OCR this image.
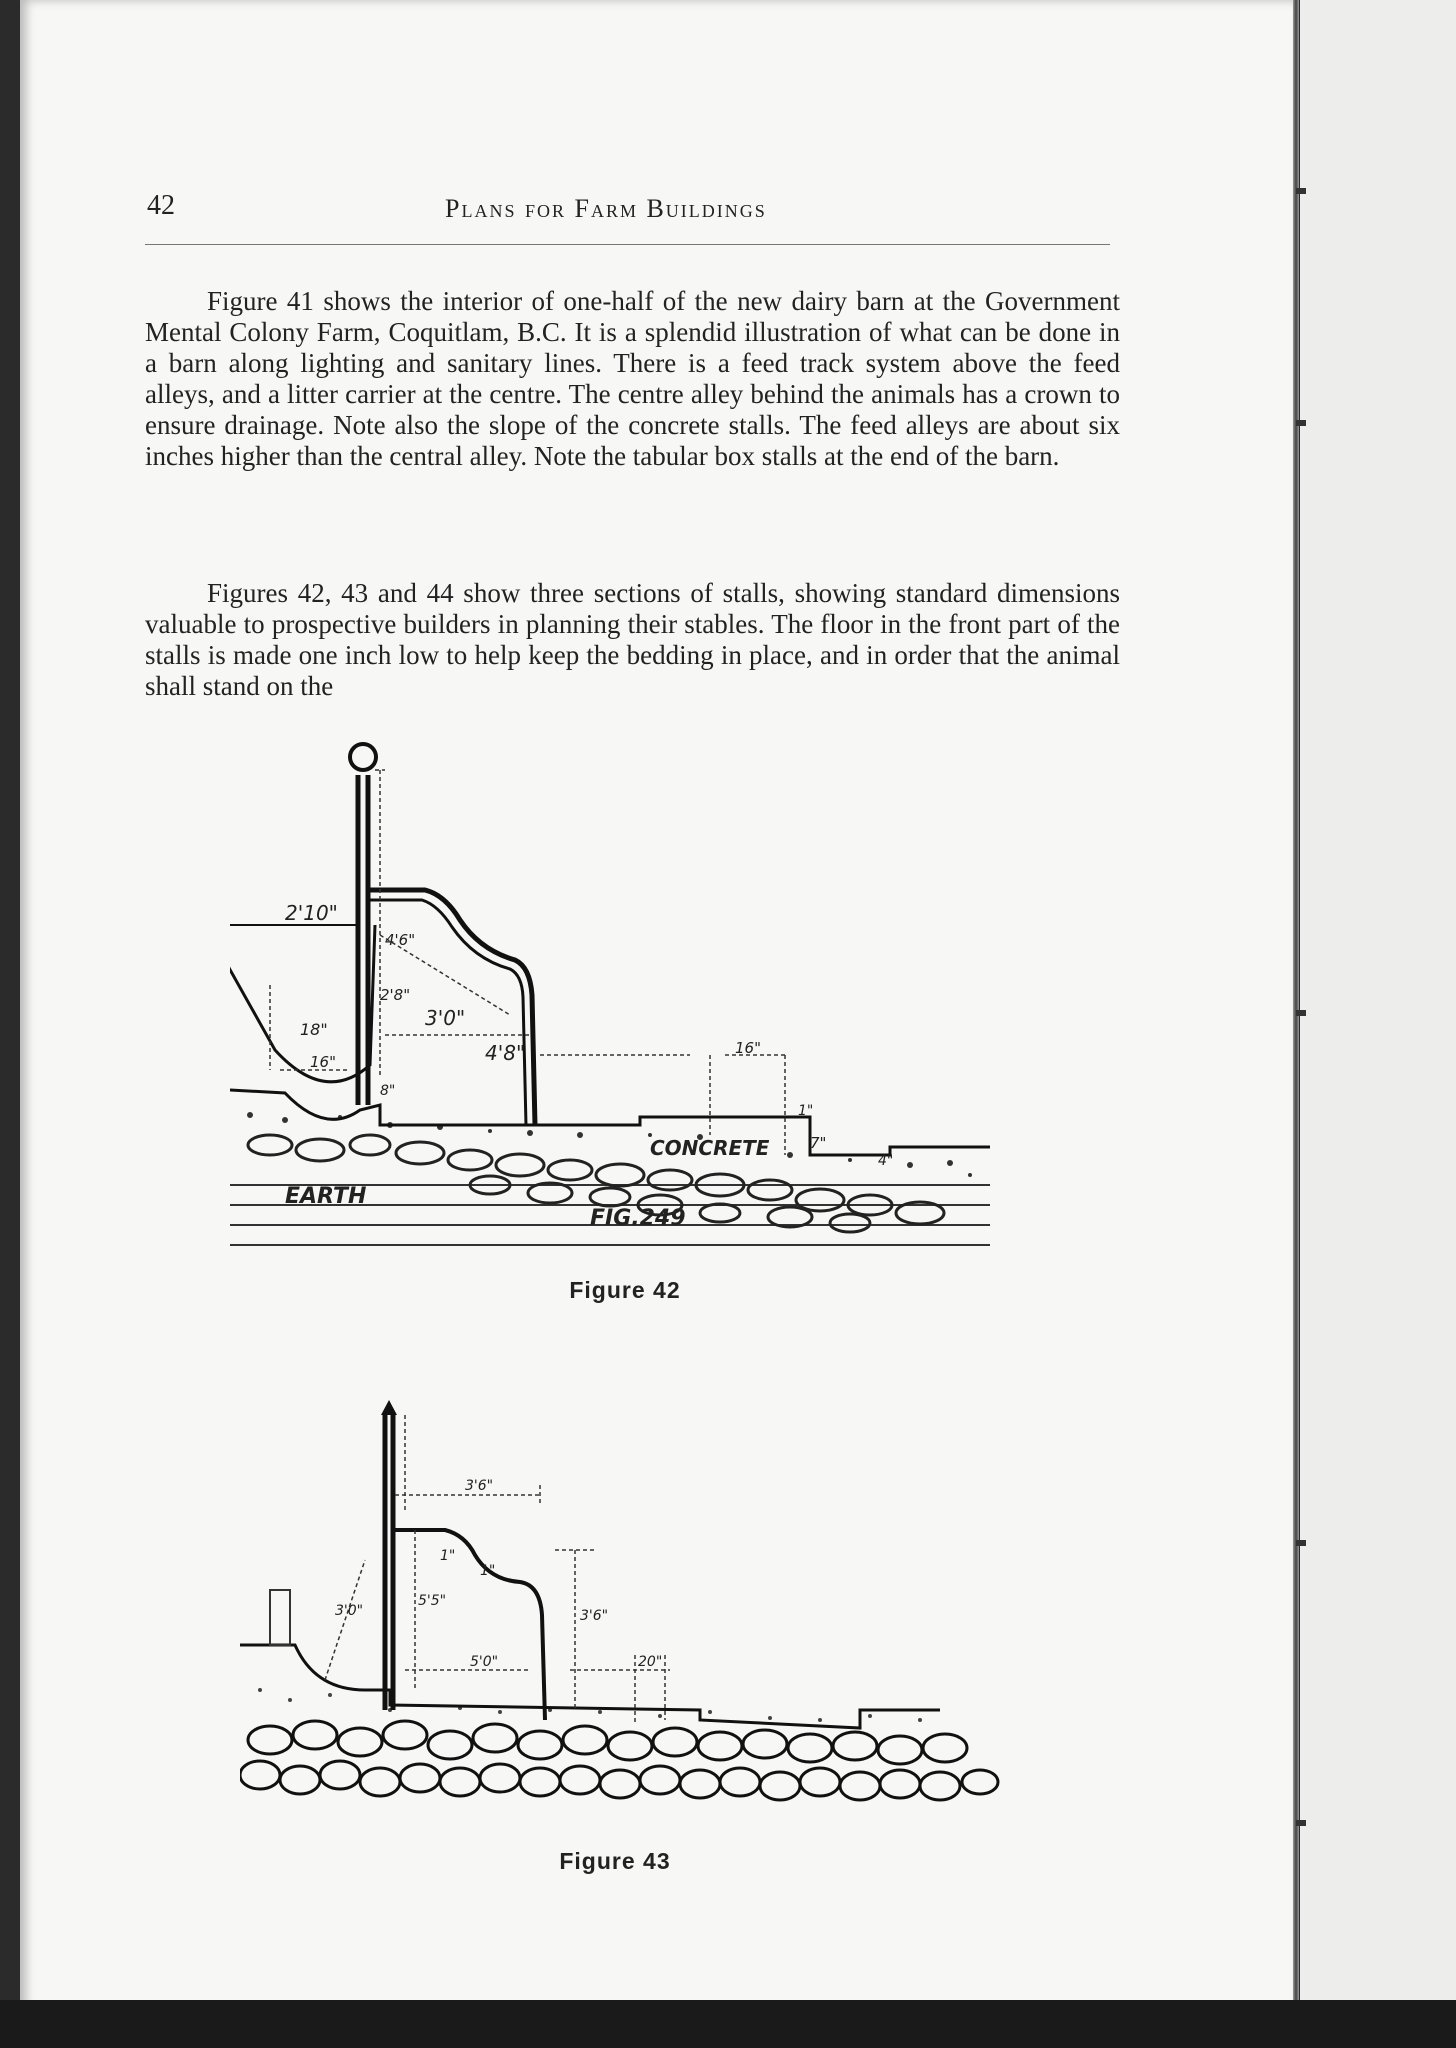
42	Plans for Farm Buildings

Figure 41 shows the interior of one-half of the new dairy barn at the Government Mental Colony Farm, Coquitlam, B.C. It is a splendid illustration of what can be done in a barn along lighting and sanitary lines. There is a feed track system above the feed alleys, and a litter carrier at the centre. The centre alley behind the animals has a crown to ensure drainage. Note also the slope of the concrete stalls. The feed alleys are about six inches higher than the central alley. Note the tabular box stalls at the end of the barn.

Figures 42, 43 and 44 show three sections of stalls, showing standard dimensions valuable to prospective builders in planning their stables. The floor in the front part of the stalls is made one inch low to help keep the bedding in place, and in order that the animal shall stand on the

2'10"
18"
16"
2'8"
4'6"
3'0"
4'8"	16"
8"
7"
1"
4"
CONCRETE
EARTH
FIG.249
Figure 42
3'6"
5'5"
1"
1"
3'6"
5'0"	20"
3'0"
Figure 43
